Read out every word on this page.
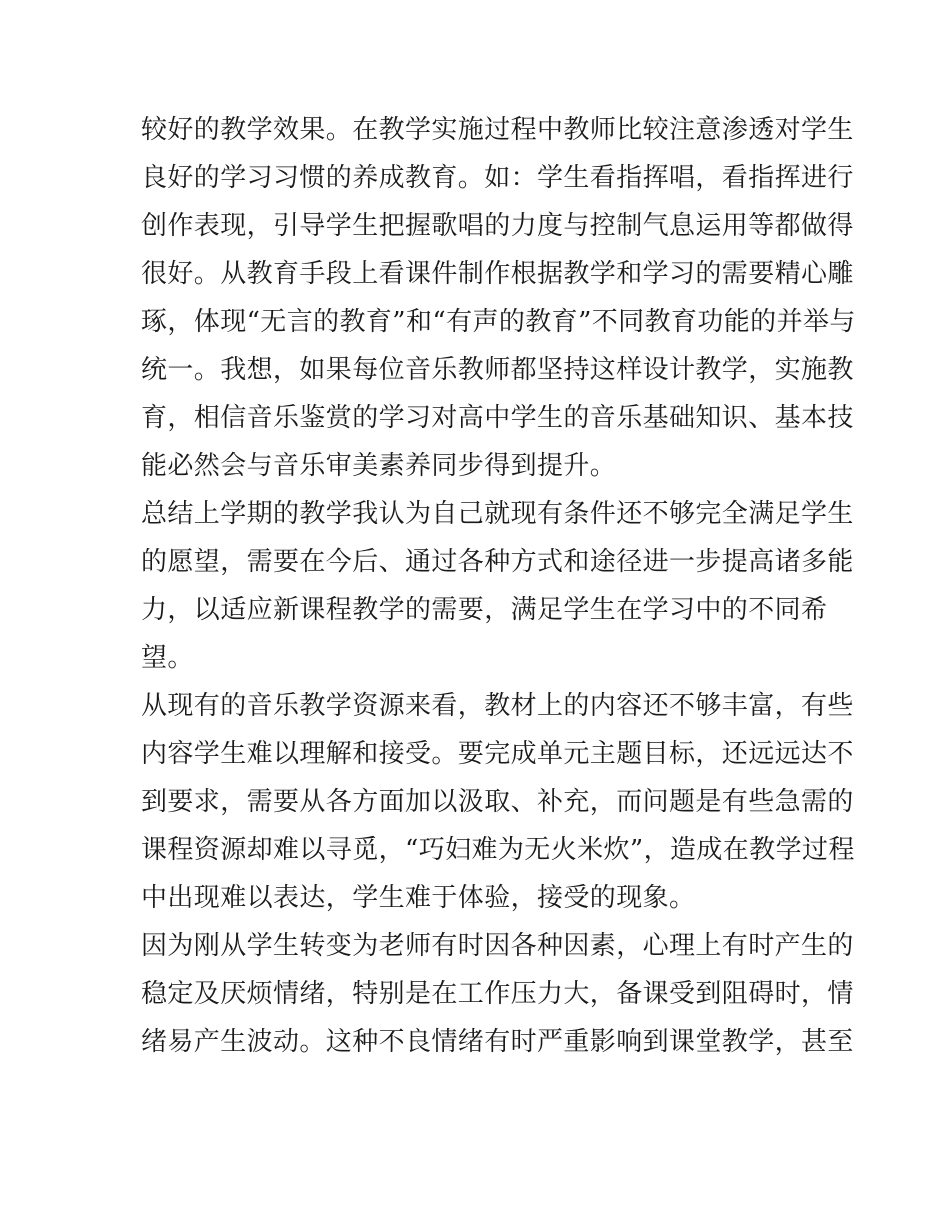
较好的教学效果。在教学实施过程中教师比较注意渗透对学生
良好的学习习惯的养成教育。如：学生看指挥唱，看指挥进行
创作表现，引导学生把握歌唱的力度与控制气息运用等都做得
很好。从教育手段上看课件制作根据教学和学习的需要精心雕
琢，体现“无言的教育”和“有声的教育”不同教育功能的并举与
统一。我想，如果每位音乐教师都坚持这样设计教学，实施教
育，相信音乐鉴赏的学习对高中学生的音乐基础知识、基本技
能必然会与音乐审美素养同步得到提升。
总结上学期的教学我认为自己就现有条件还不够完全满足学生
的愿望，需要在今后、通过各种方式和途径进一步提高诸多能
力，以适应新课程教学的需要，满足学生在学习中的不同希
望。
从现有的音乐教学资源来看，教材上的内容还不够丰富，有些
内容学生难以理解和接受。要完成单元主题目标，还远远达不
到要求，需要从各方面加以汲取、补充，而问题是有些急需的
课程资源却难以寻觅，“巧妇难为无火米炊”，造成在教学过程
中出现难以表达，学生难于体验，接受的现象。
因为刚从学生转变为老师有时因各种因素，心理上有时产生的
稳定及厌烦情绪，特别是在工作压力大，备课受到阻碍时，情
绪易产生波动。这种不良情绪有时严重影响到课堂教学，甚至
